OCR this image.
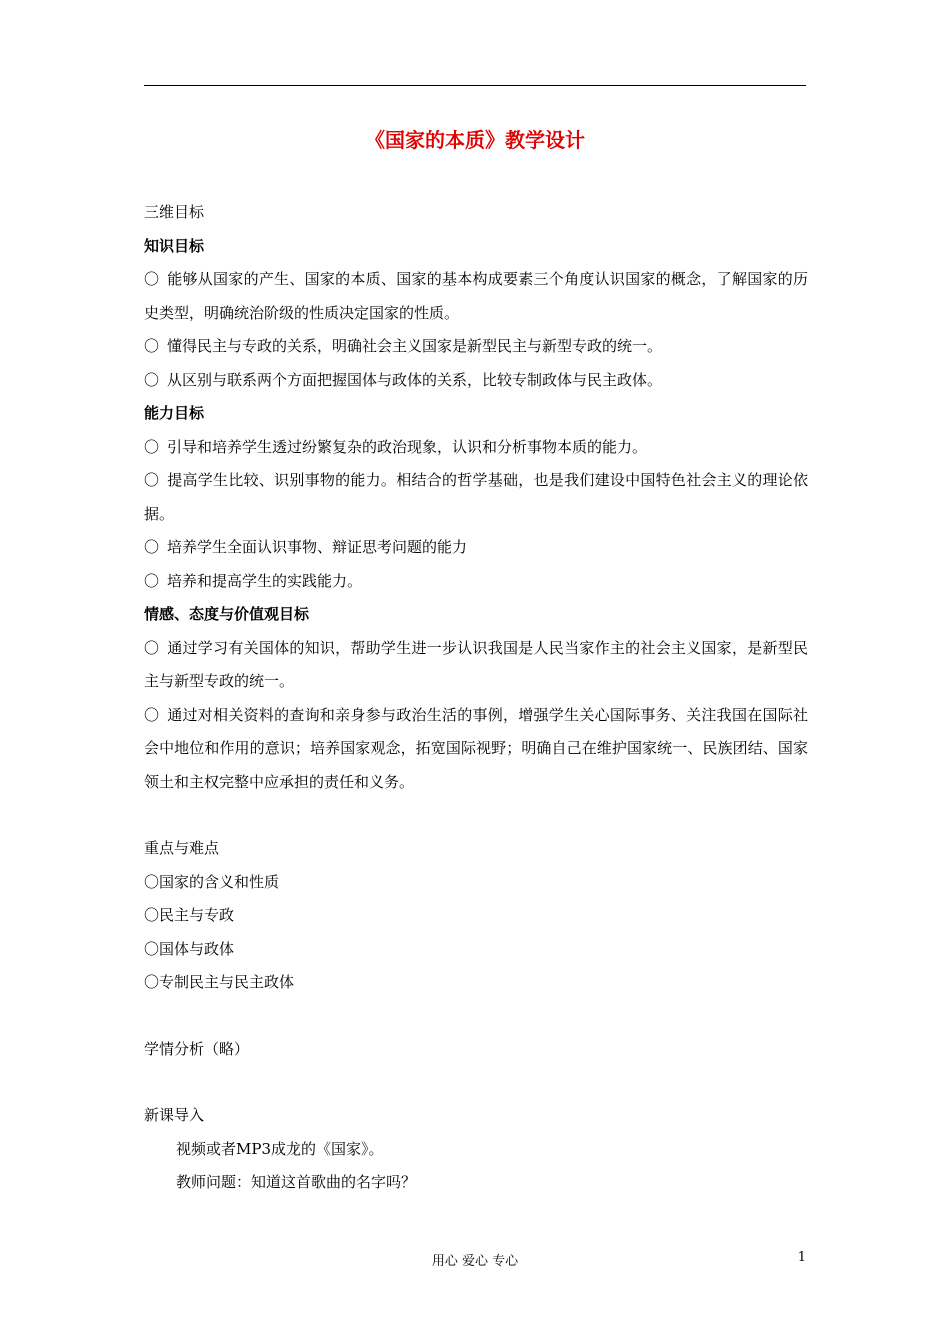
《国家的本质》教学设计
三维目标
知识目标
〇 能够从国家的产生、国家的本质、国家的基本构成要素三个角度认识国家的概念，了解国家的历史类型，明确统治阶级的性质决定国家的性质。
〇 懂得民主与专政的关系，明确社会主义国家是新型民主与新型专政的统一。
〇 从区别与联系两个方面把握国体与政体的关系，比较专制政体与民主政体。
能力目标
〇 引导和培养学生透过纷繁复杂的政治现象，认识和分析事物本质的能力。
〇 提高学生比较、识别事物的能力。相结合的哲学基础，也是我们建设中国特色社会主义的理论依据。
〇 培养学生全面认识事物、辩证思考问题的能力
〇 培养和提高学生的实践能力。
情感、态度与价值观目标
〇 通过学习有关国体的知识，帮助学生进一步认识我国是人民当家作主的社会主义国家，是新型民主与新型专政的统一。
〇 通过对相关资料的查询和亲身参与政治生活的事例，增强学生关心国际事务、关注我国在国际社会中地位和作用的意识；培养国家观念，拓宽国际视野；明确自己在维护国家统一、民族团结、国家领土和主权完整中应承担的责任和义务。
重点与难点
〇国家的含义和性质
〇民主与专政
〇国体与政体
〇专制民主与民主政体
学情分析（略）
新课导入
视频或者MP3成龙的《国家》。
教师问题：知道这首歌曲的名字吗？
用心 爱心 专心	1
